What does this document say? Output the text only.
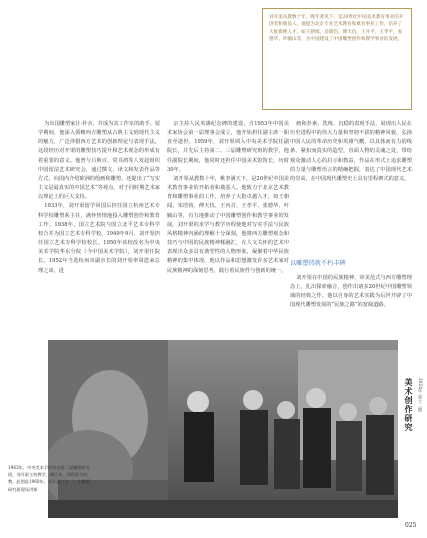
刘开渠从教数十年，晚年著风下，是20世纪中国美术教育事业的开创者和奠基人。他提为北京专业艺术教育和奠育事业工作，培养了大批新桃人才。如王朝闻、吴锦钧、傅天仇、王开平、王孝平、张德华、叶毓山等，为中国建设了中国雕塑创作和教学事业的发展。

为出国雕塑家让·朴舍，并成为其工作室的助手。留学期间，他深入领略西方雕塑从古典主义到现代主义的魅力，广泛涉猎西方艺术的创新理论与表现手法，这段经历对开渠的雕塑技巧提升和艺术观念的形成有着重要的意义。他曾与吕斯百、常书鸿等人发起组织中国留法艺术研究会，通过撰文、译文和发表作品等方式，向国内介绍欧洲的绘画和雕塑。还提出了“写实主义是最真实的中国艺术”等观点，对于同时期艺术家以理论上的巨大支持。

1933年，刘开渠留学回国后担任国立杭州艺术专科学校雕塑系主任，满怀热情地投入雕塑创作和教育工作。1938年，国立艺术院与国立北平艺术专科学校合并为国立艺术专科学校。1949年9月，刘开渠担任国立艺术专科学校校长。1950年该校改名为中央美术学院华东分院（今中国美术学院），刘开渠任院长。1952年当选杭州市副市长的刘开渠率周恩来总理之命，进

京主持人民英雄纪念碑的建设，自1953年中国美术家协会第一届理事会成立，他开始担任副主席一职直至逝世。1959年，刘开渠调入中央美术学院任副院长，并先后主持第二、三届雕塑研究班的教学，他任副院长期间，他同时还担任中国美术馆馆长，历时30年。

刘开渠从教数十年，桃李满天下，是20世纪中国美术教育事业的开拓者和奠基人。他致力于北京艺术教育和雕塑事业的工作，培养了大批卓越人才，如王朝闻、朱培钧、傅天仇、王丙召、王孝平、张德华、叶毓山等，有力地推动了中国雕塑创作和教学事业的发展。刘开渠的求学与教学历程使他对写实手法与民族风格精神内涵的理解十分深刻，他将西方雕塑观念和技巧与中国的民族精神糅融汇，在人文关怀的艺术中表现出众多具有典型性的人物形象，凝聚着中华民族精神的集中体现，他以作品和思想激发许多艺术家对民族精神的深刻思考，践行着民族性与创新的统一。

画和扑素、洗练、沉稳的表现手法，展现出人民在历史进程中的伟大力量和坚韧不拔的精神风貌，弘扬中国人民的革命历史和英雄气概，以具体而有力的线条、紧扣而真实的造型，直面人物的灵魂之处，带给观众激动人心的启示和教益，作品在形式上追求雕塑的力量与雕塑语言的精确把握，表达了中国现代艺术的崇高，在中国现代雕塑史上具有里程碑式的意义。

以雕塑铸就不朽丰碑

刘开渠在中国的民族精神、审美范式与西方雕塑理念上，扎出探索融合，创作出诸多20世纪中国雕塑领域的经典之作。他以自身的艺术实践为后世开辟了中国现代雕塑发展的“民族之路”的宽阔道路。

1963年，中央美术学院举办第二届雕塑研究班，刘开渠主持教学，傅天仇、钱绍武为助教，此图是1960年，刘开渠（左一）在雕塑研究班现场讲课
美术创作研究 2024年 第十二期
025
